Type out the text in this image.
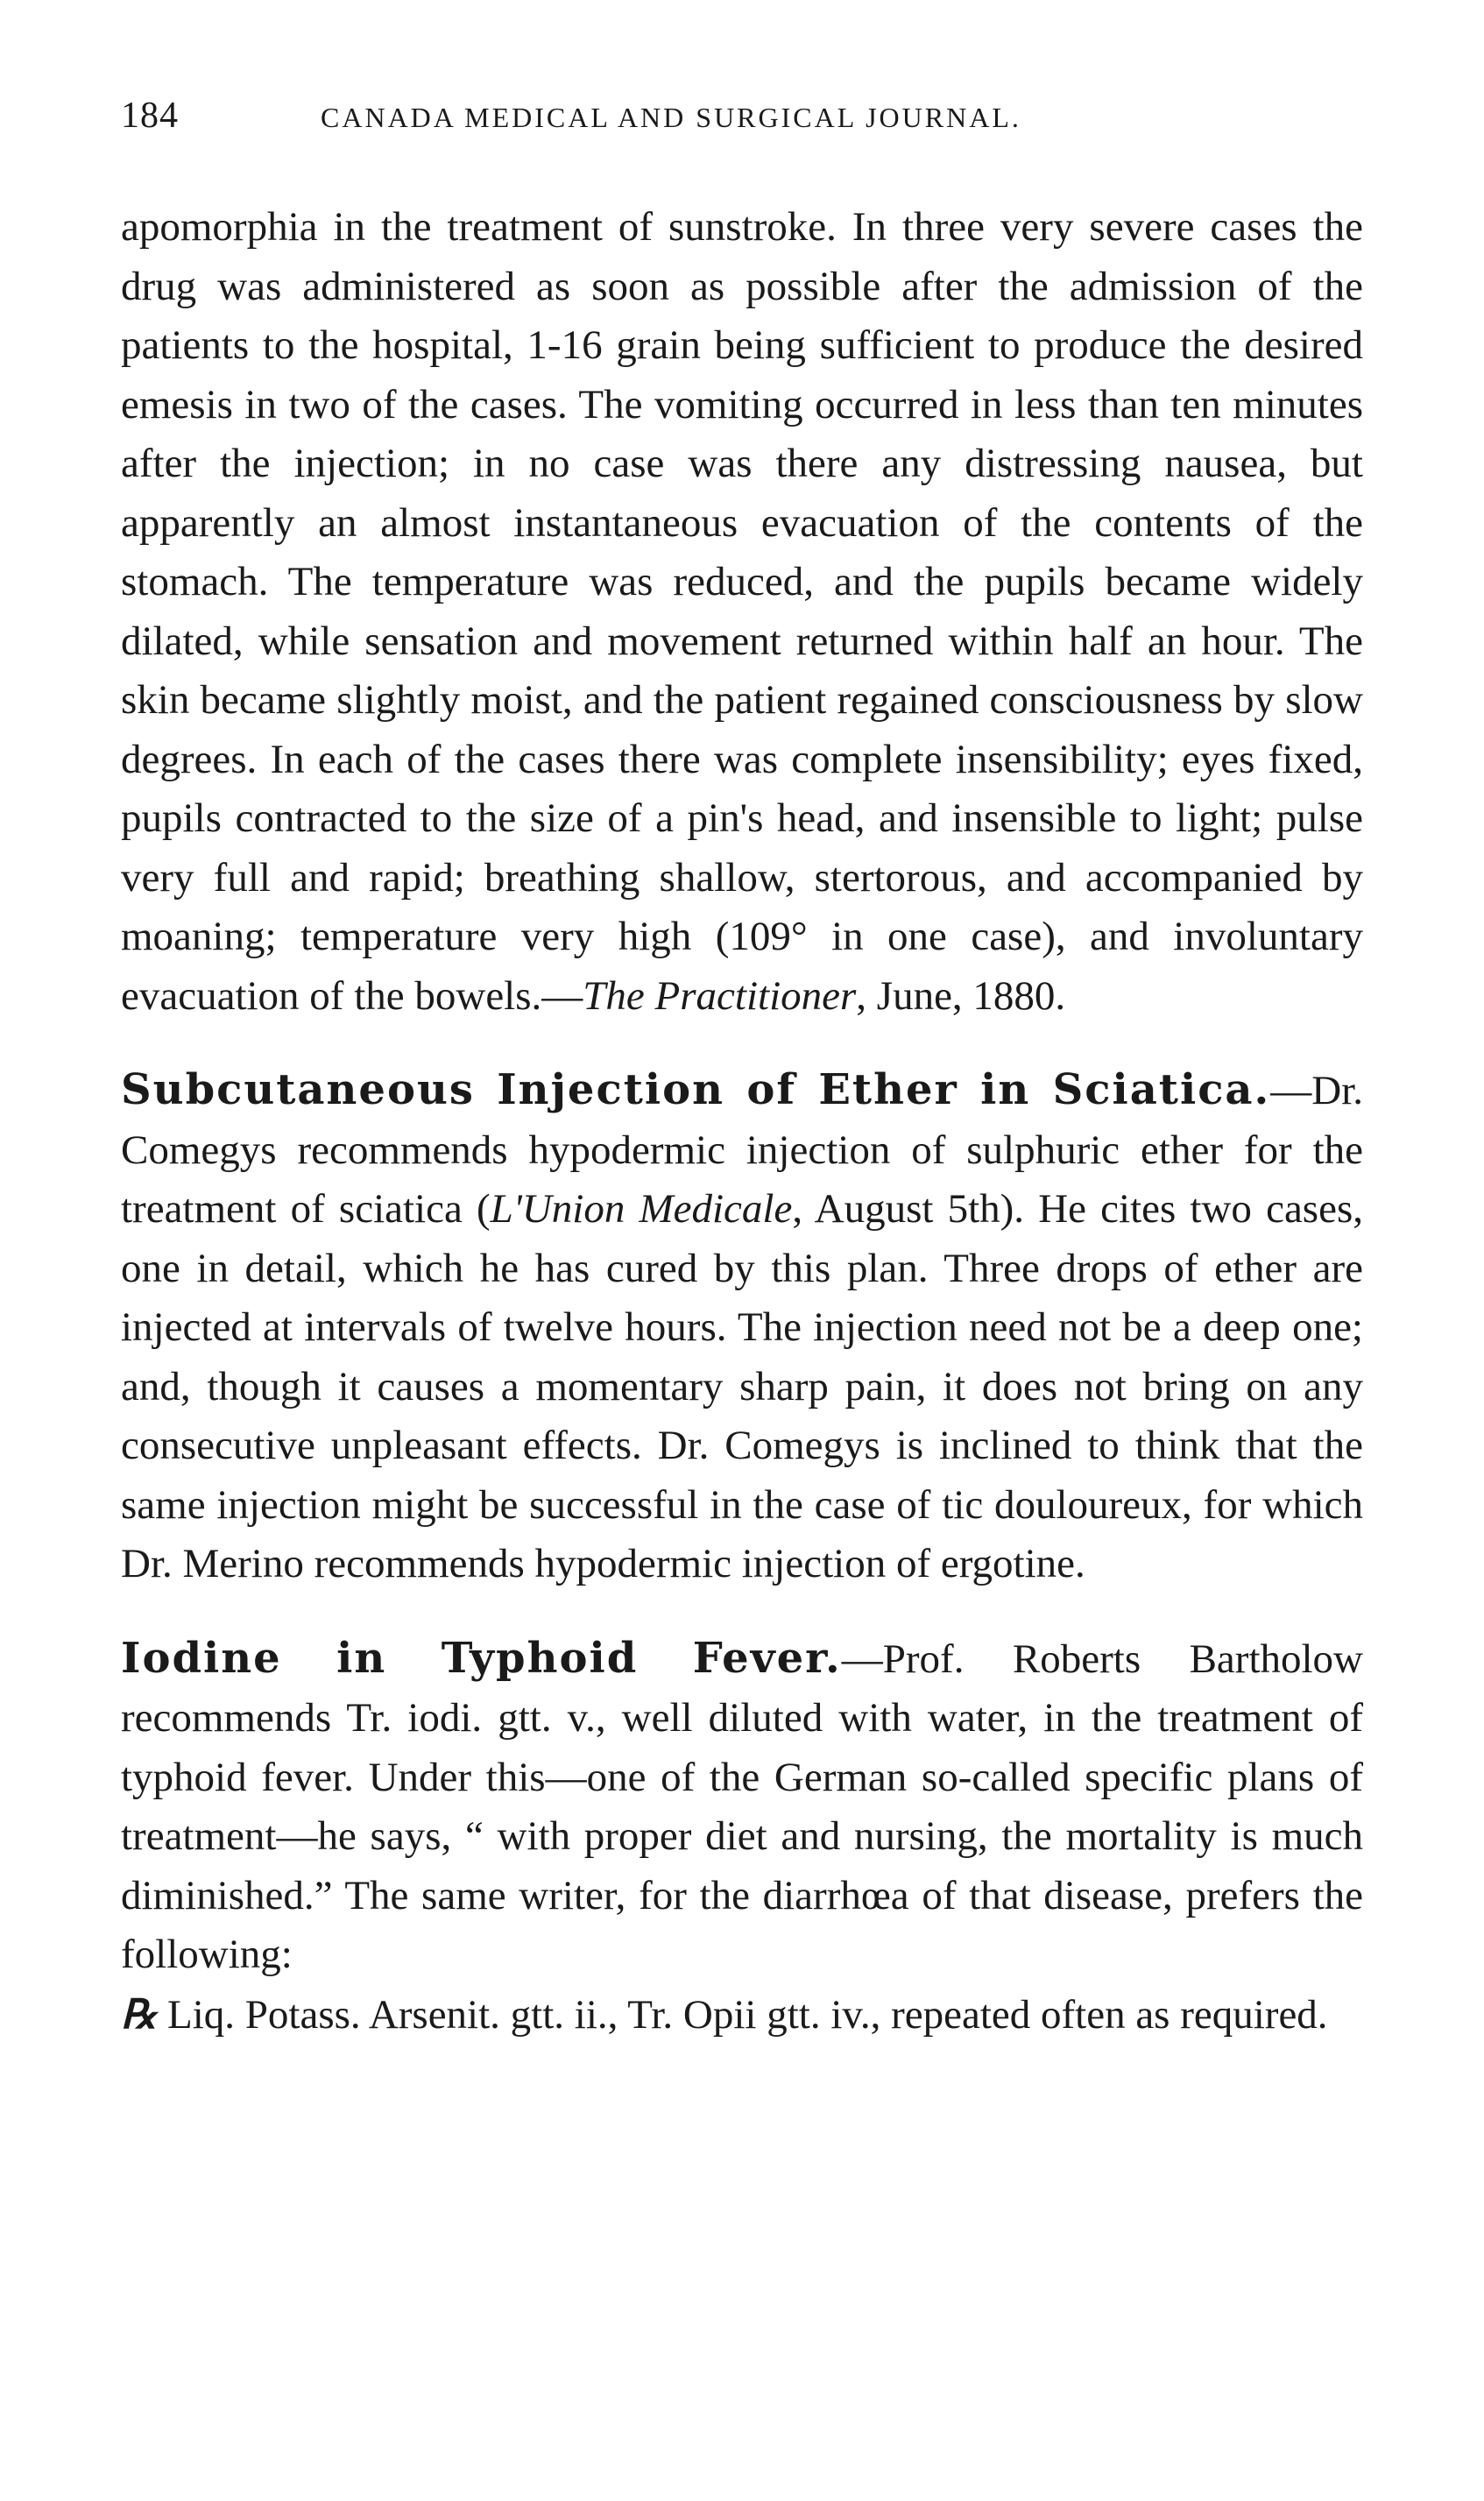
184	CANADA MEDICAL AND SURGICAL JOURNAL.

apomorphia in the treatment of sunstroke. In three very severe cases the drug was administered as soon as possible after the admission of the patients to the hospital, 1-16 grain being sufficient to produce the desired emesis in two of the cases. The vomiting occurred in less than ten minutes after the injection; in no case was there any distressing nausea, but apparently an almost instantaneous evacuation of the contents of the stomach. The temperature was reduced, and the pupils became widely dilated, while sensation and movement returned within half an hour. The skin became slightly moist, and the patient regained consciousness by slow degrees. In each of the cases there was complete insensibility; eyes fixed, pupils contracted to the size of a pin's head, and insensible to light; pulse very full and rapid; breathing shallow, stertorous, and accompanied by moaning; temperature very high (109° in one case), and involuntary evacuation of the bowels.—The Practitioner, June, 1880.

Subcutaneous Injection of Ether in Sciatica.—Dr. Comegys recommends hypodermic injection of sulphuric ether for the treatment of sciatica (L'Union Medicale, August 5th). He cites two cases, one in detail, which he has cured by this plan. Three drops of ether are injected at intervals of twelve hours. The injection need not be a deep one; and, though it causes a momentary sharp pain, it does not bring on any consecutive unpleasant effects. Dr. Comegys is inclined to think that the same injection might be successful in the case of tic douloureux, for which Dr. Merino recommends hypodermic injection of ergotine.

Iodine in Typhoid Fever.—Prof. Roberts Bartholow recommends Tr. iodi. gtt. v., well diluted with water, in the treatment of typhoid fever. Under this—one of the German so-called specific plans of treatment—he says, “ with proper diet and nursing, the mortality is much diminished.” The same writer, for the diarrhœa of that disease, prefers the following:
℞ Liq. Potass. Arsenit. gtt. ii., Tr. Opii gtt. iv., repeated often as required.
